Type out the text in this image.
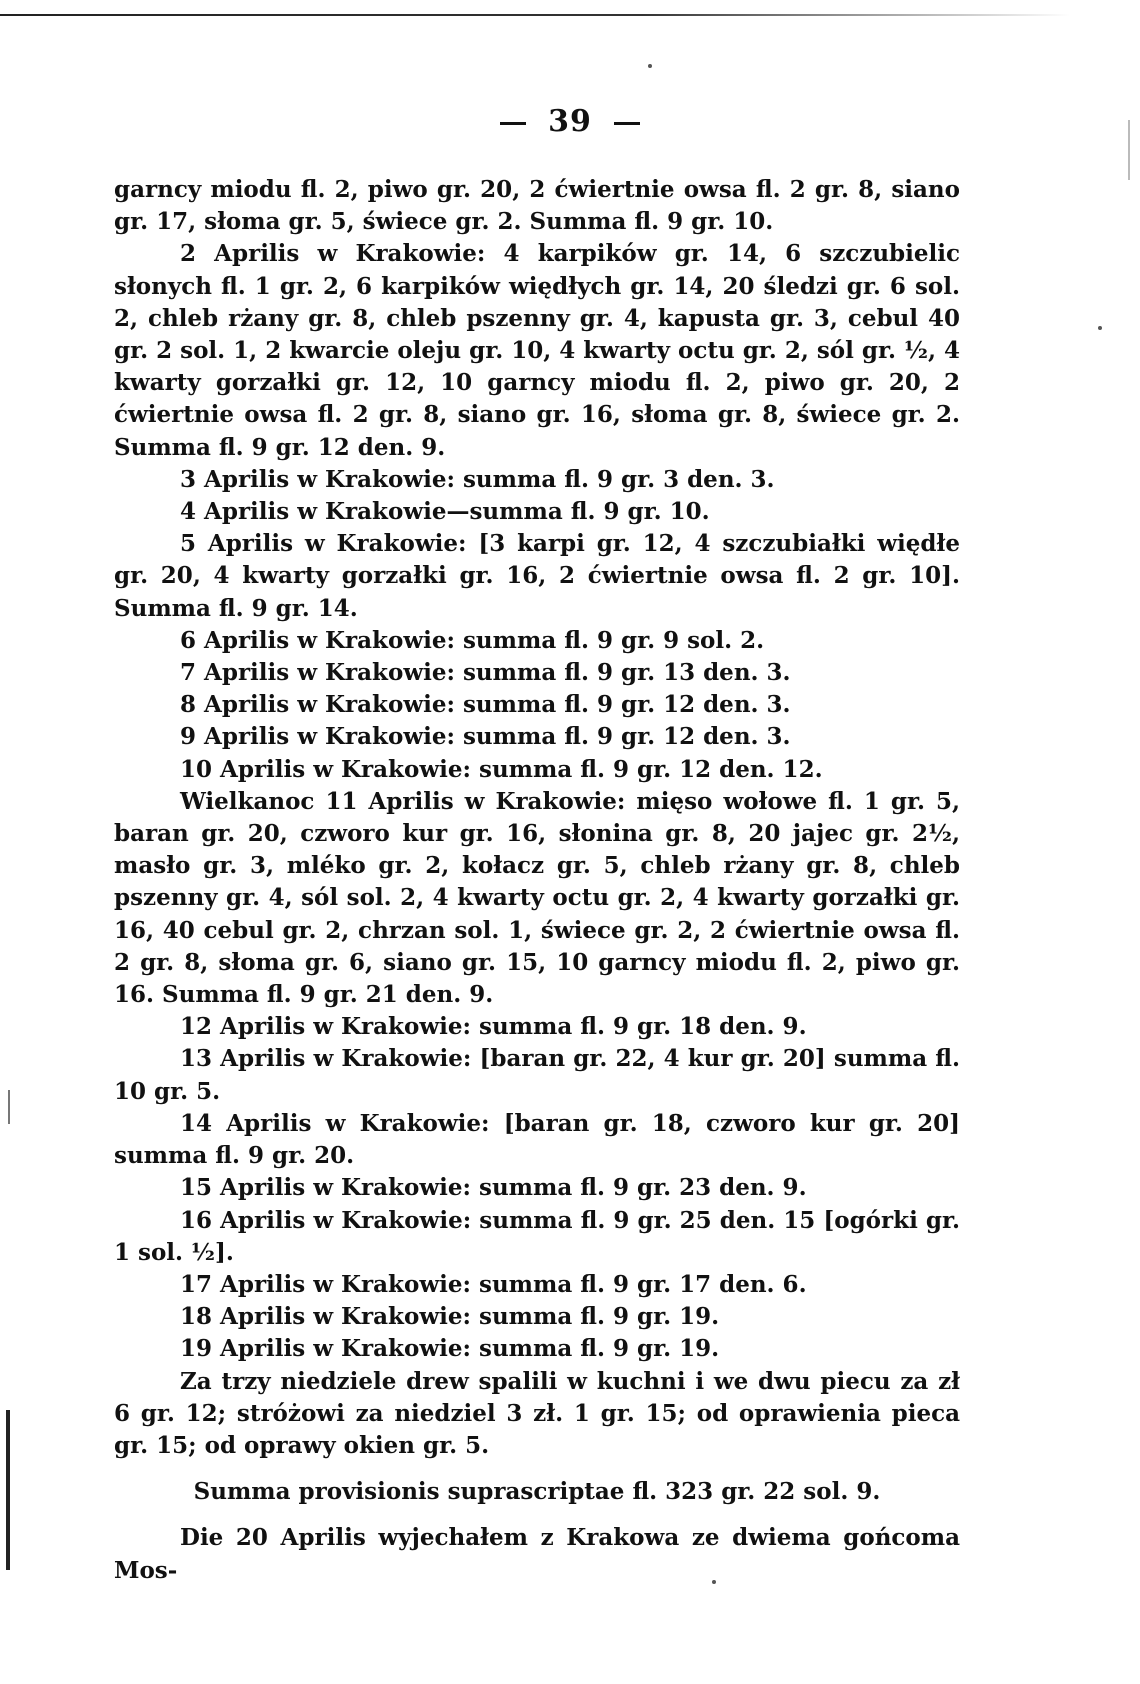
39

garncy miodu fl. 2, piwo gr. 20, 2 ćwiertnie owsa fl. 2 gr. 8, siano gr. 17, słoma gr. 5, świece gr. 2. Summa fl. 9 gr. 10.

2 Aprilis w Krakowie: 4 karpików gr. 14, 6 szczubielic słonych fl. 1 gr. 2, 6 karpików więdłych gr. 14, 20 śledzi gr. 6 sol. 2, chleb rżany gr. 8, chleb pszenny gr. 4, kapusta gr. 3, cebul 40 gr. 2 sol. 1, 2 kwarcie oleju gr. 10, 4 kwarty octu gr. 2, sól gr. ½, 4 kwarty gorzałki gr. 12, 10 garncy miodu fl. 2, piwo gr. 20, 2 ćwiertnie owsa fl. 2 gr. 8, siano gr. 16, słoma gr. 8, świece gr. 2. Summa fl. 9 gr. 12 den. 9.

3 Aprilis w Krakowie: summa fl. 9 gr. 3 den. 3.

4 Aprilis w Krakowie—summa fl. 9 gr. 10.

5 Aprilis w Krakowie: [3 karpi gr. 12, 4 szczubiałki więdłe gr. 20, 4 kwarty gorzałki gr. 16, 2 ćwiertnie owsa fl. 2 gr. 10]. Summa fl. 9 gr. 14.

6 Aprilis w Krakowie: summa fl. 9 gr. 9 sol. 2.

7 Aprilis w Krakowie: summa fl. 9 gr. 13 den. 3.

8 Aprilis w Krakowie: summa fl. 9 gr. 12 den. 3.

9 Aprilis w Krakowie: summa fl. 9 gr. 12 den. 3.

10 Aprilis w Krakowie: summa fl. 9 gr. 12 den. 12.

Wielkanoc 11 Aprilis w Krakowie: mięso wołowe fl. 1 gr. 5, baran gr. 20, czworo kur gr. 16, słonina gr. 8, 20 jajec gr. 2½, masło gr. 3, mléko gr. 2, kołacz gr. 5, chleb rżany gr. 8, chleb pszenny gr. 4, sól sol. 2, 4 kwarty octu gr. 2, 4 kwarty gorzałki gr. 16, 40 cebul gr. 2, chrzan sol. 1, świece gr. 2, 2 ćwiertnie owsa fl. 2 gr. 8, słoma gr. 6, siano gr. 15, 10 garncy miodu fl. 2, piwo gr. 16. Summa fl. 9 gr. 21 den. 9.

12 Aprilis w Krakowie: summa fl. 9 gr. 18 den. 9.

13 Aprilis w Krakowie: [baran gr. 22, 4 kur gr. 20] summa fl. 10 gr. 5.

14 Aprilis w Krakowie: [baran gr. 18, czworo kur gr. 20] summa fl. 9 gr. 20.

15 Aprilis w Krakowie: summa fl. 9 gr. 23 den. 9.

16 Aprilis w Krakowie: summa fl. 9 gr. 25 den. 15 [ogórki gr. 1 sol. ½].

17 Aprilis w Krakowie: summa fl. 9 gr. 17 den. 6.

18 Aprilis w Krakowie: summa fl. 9 gr. 19.

19 Aprilis w Krakowie: summa fl. 9 gr. 19.

Za trzy niedziele drew spalili w kuchni i we dwu piecu za zł 6 gr. 12; stróżowi za niedziel 3 zł. 1 gr. 15; od oprawienia pieca gr. 15; od oprawy okien gr. 5.

Summa provisionis suprascriptae fl. 323 gr. 22 sol. 9.

Die 20 Aprilis wyjechałem z Krakowa ze dwiema gońcoma Mos-
